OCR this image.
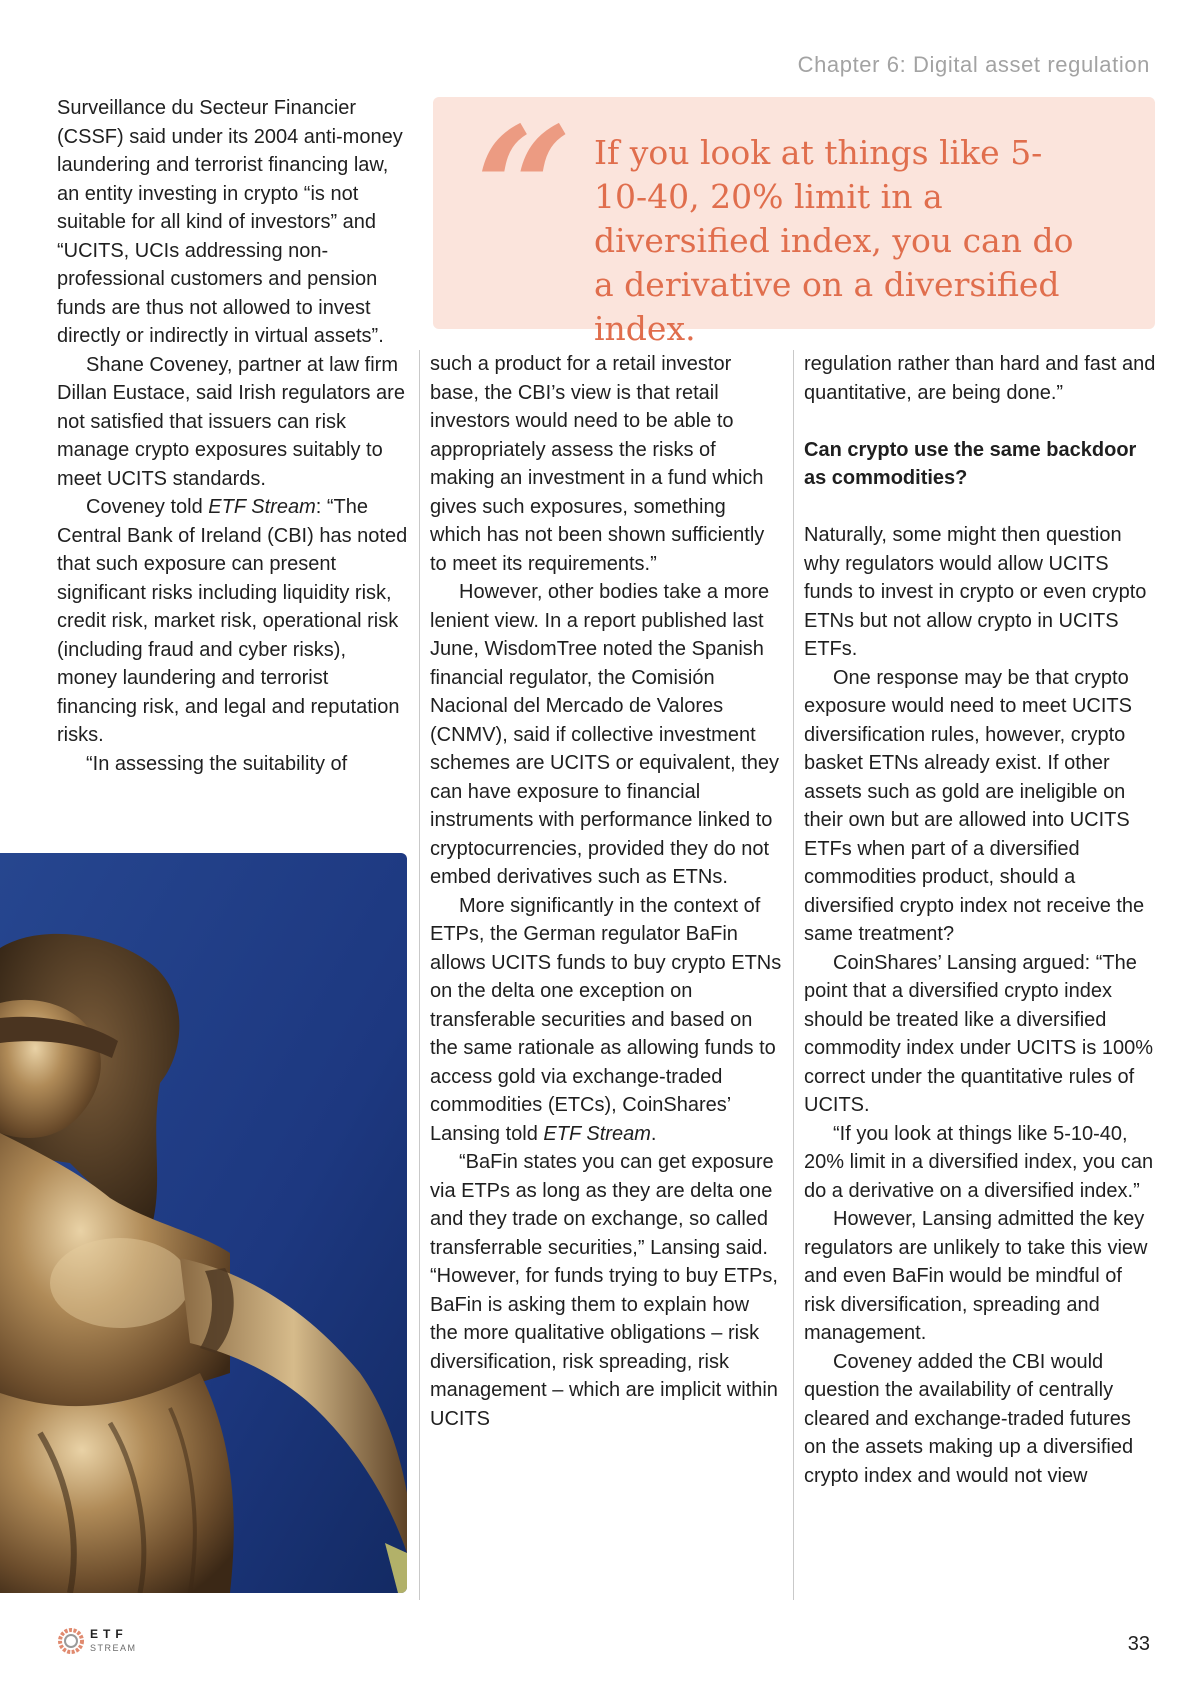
Chapter 6: Digital asset regulation
“ If you look at things like 5-10-40, 20% limit in a diversified index, you can do a derivative on a diversified index.

Surveillance du Secteur Financier (CSSF) said under its 2004 anti-money laundering and terrorist financing law, an entity investing in crypto “is not suitable for all kind of investors” and “UCITS, UCIs addressing non-professional customers and pension funds are thus not allowed to invest directly or indirectly in virtual assets”.

Shane Coveney, partner at law firm Dillan Eustace, said Irish regulators are not satisfied that issuers can risk manage crypto exposures suitably to meet UCITS standards.

Coveney told ETF Stream: “The Central Bank of Ireland (CBI) has noted that such exposure can present significant risks including liquidity risk, credit risk, market risk, operational risk (including fraud and cyber risks), money laundering and terrorist financing risk, and legal and reputation risks.

“In assessing the suitability of

such a product for a retail investor base, the CBI’s view is that retail investors would need to be able to appropriately assess the risks of making an investment in a fund which gives such exposures, something which has not been shown sufficiently to meet its requirements.”

However, other bodies take a more lenient view. In a report published last June, WisdomTree noted the Spanish financial regulator, the Comisión Nacional del Mercado de Valores (CNMV), said if collective investment schemes are UCITS or equivalent, they can have exposure to financial instruments with performance linked to cryptocurrencies, provided they do not embed derivatives such as ETNs.

More significantly in the context of ETPs, the German regulator BaFin allows UCITS funds to buy crypto ETNs on the delta one exception on transferable securities and based on the same rationale as allowing funds to access gold via exchange-traded commodities (ETCs), CoinShares’ Lansing told ETF Stream.

“BaFin states you can get exposure via ETPs as long as they are delta one and they trade on exchange, so called transferrable securities,” Lansing said. “However, for funds trying to buy ETPs, BaFin is asking them to explain how the more qualitative obligations – risk diversification, risk spreading, risk management – which are implicit within UCITS

regulation rather than hard and fast and quantitative, are being done.”

Can crypto use the same backdoor as commodities?

Naturally, some might then question why regulators would allow UCITS funds to invest in crypto or even crypto ETNs but not allow crypto in UCITS ETFs.

One response may be that crypto exposure would need to meet UCITS diversification rules, however, crypto basket ETNs already exist. If other assets such as gold are ineligible on their own but are allowed into UCITS ETFs when part of a diversified commodities product, should a diversified crypto index not receive the same treatment?

CoinShares’ Lansing argued: “The point that a diversified crypto index should be treated like a diversified commodity index under UCITS is 100% correct under the quantitative rules of UCITS.

“If you look at things like 5-10-40, 20% limit in a diversified index, you can do a derivative on a diversified index.”

However, Lansing admitted the key regulators are unlikely to take this view and even BaFin would be mindful of risk diversification, spreading and management.

Coveney added the CBI would question the availability of centrally cleared and exchange-traded futures on the assets making up a diversified crypto index and would not view

ETF
STREAM	33
